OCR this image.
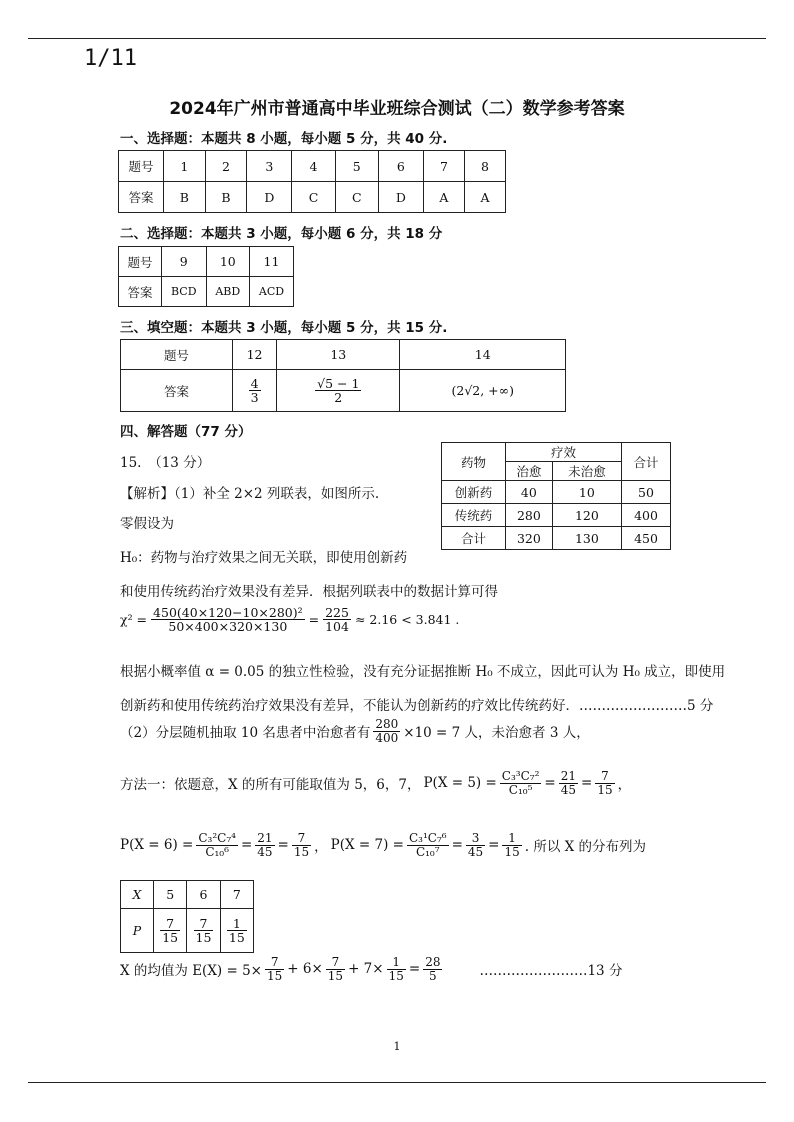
1/11
2024年广州市普通高中毕业班综合测试（二）数学参考答案
一、选择题：本题共 8 小题，每小题 5 分，共 40 分.
题号	1	2	3	4	5	6	7	8
答案	B	B	D	C	C	D	A	A
二、选择题：本题共 3 小题，每小题 6 分，共 18 分
题号	9	10	11
答案	BCD	ABD	ACD
三、填空题：本题共 3 小题，每小题 5 分，共 15 分.
题号	12	13	14
答案	$\frac{4}{3}$	$\frac{√5 - 1}{2}$	(2√2, +∞)
四、解答题（77 分）
15.　（13 分）
【解析】（1）补全 2×2 列联表，如图所示.
零假设为
H₀：药物与治疗效果之间无关联，即使用创新药
药物	疗效		合计
	治愈	未治愈	
创新药	40	10	50
传统药	280	120	400
合计	320	130	450
和使用传统药治疗效果没有差异．根据列联表中的数据计算可得
$\chi^2 = \frac{\text{450(40×120−10×280)²}}{50\times 400\times 320\times 130} = \frac{225}{104} \approx 2.16 < 3.841$ .
根据小概率值 α = 0.05 的独立性检验，没有充分证据推断 H₀ 不成立，因此可认为 H₀ 成立，即使用
创新药和使用传统药治疗效果没有差异，不能认为创新药的疗效比传统药好．……………………5 分
（2）分层随机抽取 10 名患者中治愈者有 $\frac{280}{400} \times 10 = 7$ 人，未治愈者 3 人，
方法一：依题意，X 的所有可能取值为 5，6，7， $P(X = 5) = \frac{\text{C₃³C₇²}}{\text{C₁₀⁵}} = \frac{21}{45} = \frac{7}{15}$ ，
$P(X = 6) = \frac{\text{C₃²C₇⁴}}{\text{C₁₀⁶}} = \frac{21}{45} = \frac{7}{15}$ ， $P(X = 7) = \frac{\text{C₃¹C₇⁶}}{\text{C₁₀⁷}} = \frac{3}{45} = \frac{1}{15}$ . 所以 X 的分布列为
X	5	6	7
P	$\frac{7}{15}$	$\frac{7}{15}$	$\frac{1}{15}$
X 的均值为 $E(X) = 5\times \frac{7}{15} + 6\times \frac{7}{15} + 7\times \frac{1}{15} = \frac{28}{5}$	……………………13 分
1
